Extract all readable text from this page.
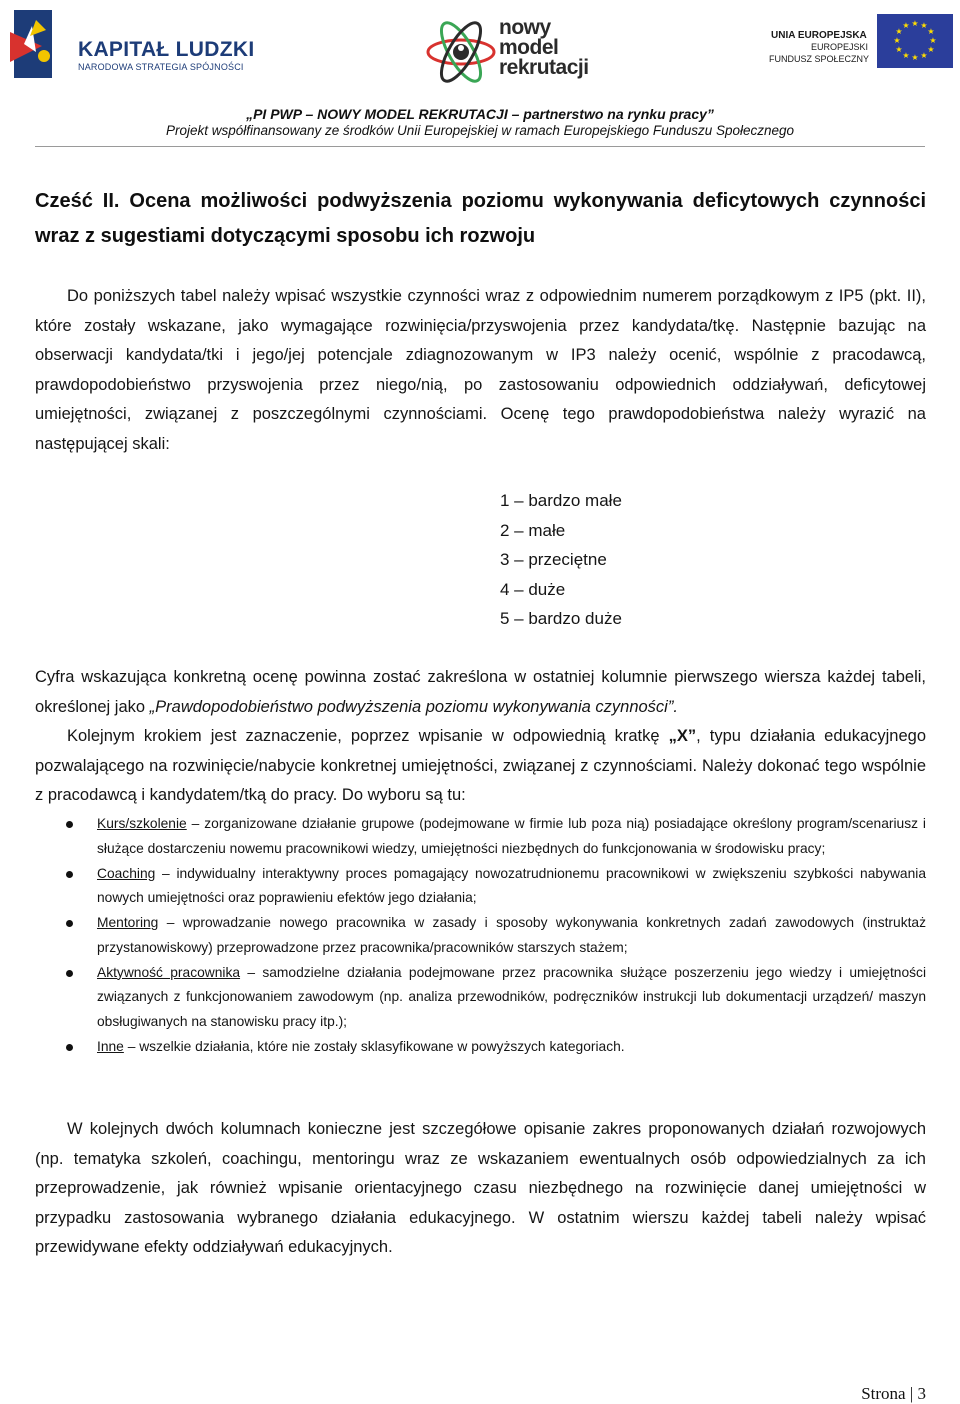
KAPITAŁ LUDZKI
NARODOWA STRATEGIA SPÓJNOŚCI
nowy
model
rekrutacji
UNIA EUROPEJSKA
EUROPEJSKI
FUNDUSZ SPOŁECZNY
★ ★
★
★
★
★
★
★
★
★
★
★
„PI PWP – NOWY MODEL REKRUTACJI – partnerstwo na rynku pracy”
Projekt współfinansowany ze środków Unii Europejskiej w ramach Europejskiego Funduszu Społecznego
Cześć II. Ocena możliwości podwyższenia poziomu wykonywania deficytowych czynności wraz z sugestiami dotyczącymi sposobu ich rozwoju
Do poniższych tabel należy wpisać wszystkie czynności wraz z odpowiednim numerem porządkowym z IP5 (pkt. II), które zostały wskazane, jako wymagające rozwinięcia/przyswojenia przez kandydata/tkę. Następnie bazując na obserwacji kandydata/tki i jego/jej potencjale zdiagnozowanym w IP3 należy ocenić, wspólnie z pracodawcą, prawdopodobieństwo przyswojenia przez niego/nią, po zastosowaniu odpowiednich oddziaływań, deficytowej umiejętności, związanej z poszczególnymi czynnościami. Ocenę tego prawdopodobieństwa należy wyrazić na następującej skali:
1 – bardzo małe
2 – małe
3 – przeciętne
4 – duże
5 – bardzo duże
Cyfra wskazująca konkretną ocenę powinna zostać zakreślona w ostatniej kolumnie pierwszego wiersza każdej tabeli, określonej jako „Prawdopodobieństwo podwyższenia poziomu wykonywania czynności”.
Kolejnym krokiem jest zaznaczenie, poprzez wpisanie w odpowiednią kratkę „X”, typu działania edukacyjnego pozwalającego na rozwinięcie/nabycie konkretnej umiejętności, związanej z czynnościami. Należy dokonać tego wspólnie z pracodawcą i kandydatem/tką do pracy. Do wyboru są tu:
Kurs/szkolenie – zorganizowane działanie grupowe (podejmowane w firmie lub poza nią) posiadające określony program/scenariusz i służące dostarczeniu nowemu pracownikowi wiedzy, umiejętności niezbędnych do funkcjonowania w środowisku pracy;
Coaching – indywidualny interaktywny proces pomagający nowozatrudnionemu pracownikowi w zwiększeniu szybkości nabywania nowych umiejętności oraz poprawieniu efektów jego działania;
Mentoring – wprowadzanie nowego pracownika w zasady i sposoby wykonywania konkretnych zadań zawodowych (instruktaż przystanowiskowy) przeprowadzone przez pracownika/pracowników starszych stażem;
Aktywność pracownika – samodzielne działania podejmowane przez pracownika służące poszerzeniu jego wiedzy i umiejętności związanych z funkcjonowaniem zawodowym (np. analiza przewodników, podręczników instrukcji lub dokumentacji urządzeń/ maszyn obsługiwanych na stanowisku pracy itp.);
Inne – wszelkie działania, które nie zostały sklasyfikowane w powyższych kategoriach.
W kolejnych dwóch kolumnach konieczne jest szczegółowe opisanie zakres proponowanych działań rozwojowych (np. tematyka szkoleń, coachingu, mentoringu wraz ze wskazaniem ewentualnych osób odpowiedzialnych za ich przeprowadzenie, jak również wpisanie orientacyjnego czasu niezbędnego na rozwinięcie danej umiejętności w przypadku zastosowania wybranego działania edukacyjnego. W ostatnim wierszu każdej tabeli należy wpisać przewidywane efekty oddziaływań edukacyjnych.
Strona | 3
